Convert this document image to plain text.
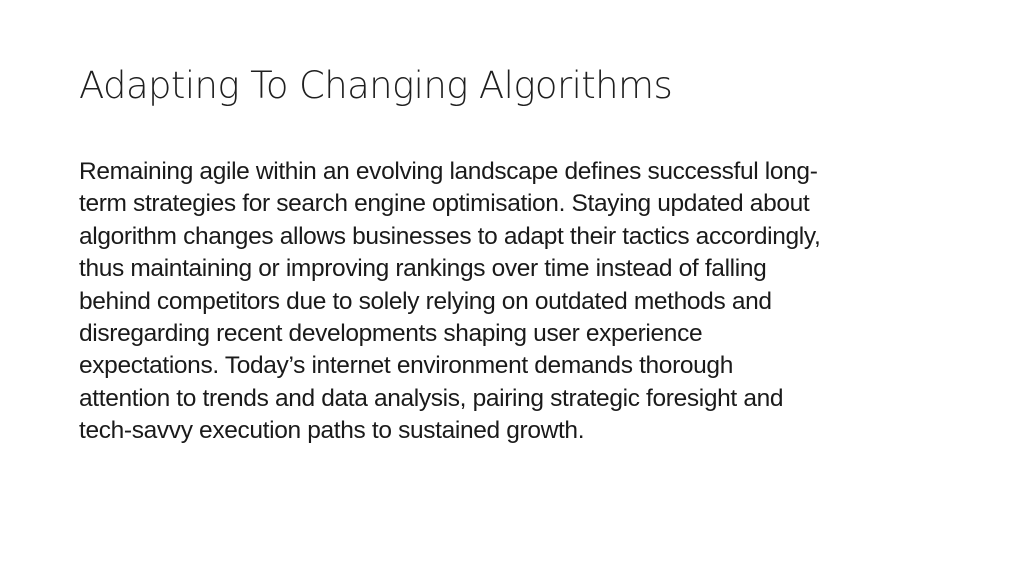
Adapting To Changing Algorithms

Remaining agile within an evolving landscape defines successful long-
term strategies for search engine optimisation. Staying updated about
algorithm changes allows businesses to adapt their tactics accordingly,
thus maintaining or improving rankings over time instead of falling
behind competitors due to solely relying on outdated methods and
disregarding recent developments shaping user experience
expectations. Today’s internet environment demands thorough
attention to trends and data analysis, pairing strategic foresight and
tech-savvy execution paths to sustained growth.
